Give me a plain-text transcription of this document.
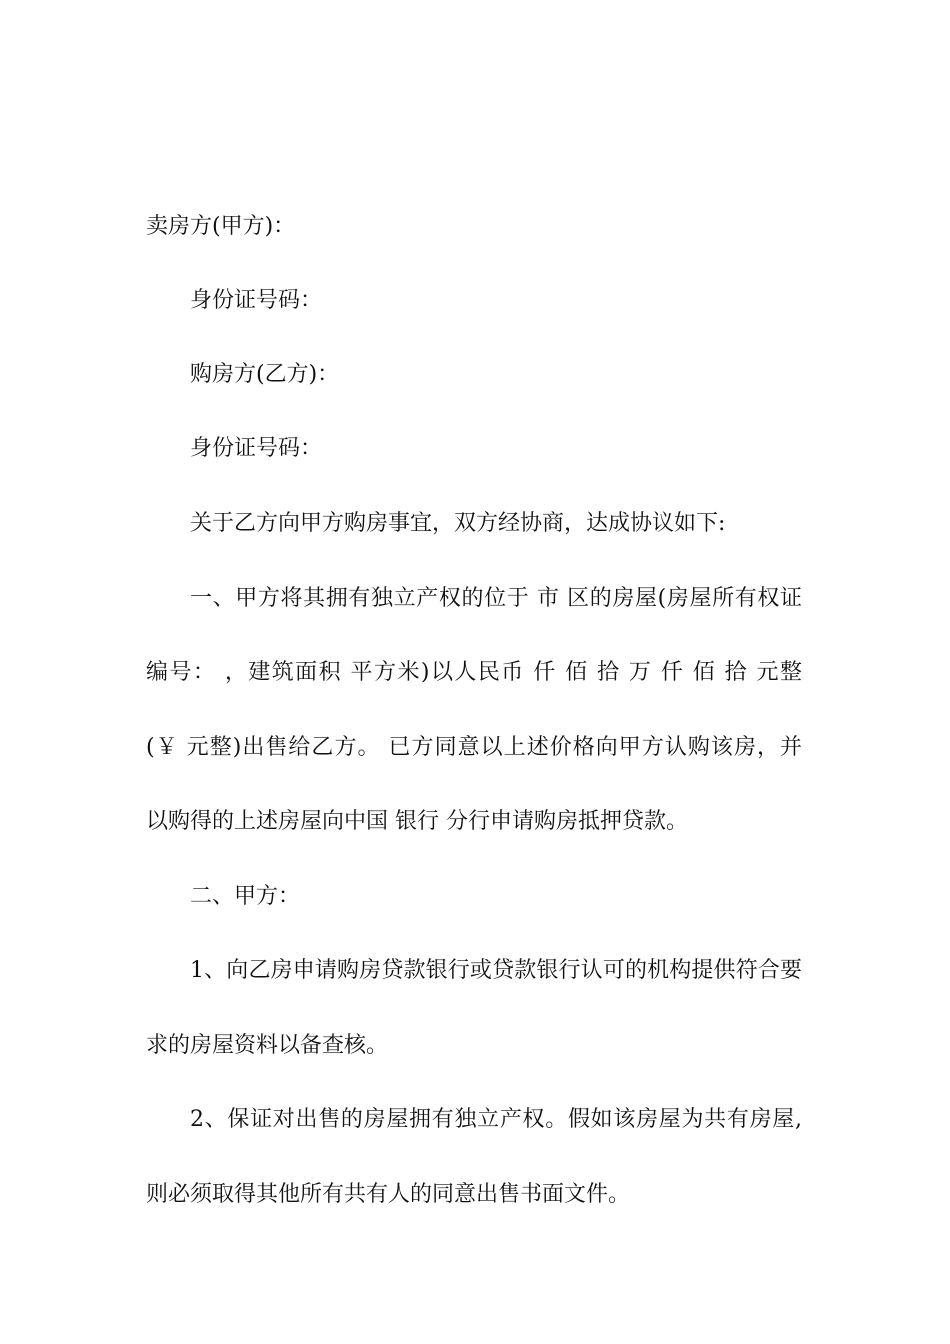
卖房方(甲方)：
身份证号码：
购房方(乙方)：
身份证号码：
关于乙方向甲方购房事宜，双方经协商，达成协议如下:
一、甲方将其拥有独立产权的位于 市 区的房屋(房屋所有权证
编号： ，建筑面积 平方米)以人民币 仟 佰 拾 万 仟 佰 拾 元整
(￥ 元整)出售给乙方。 已方同意以上述价格向甲方认购该房，并
以购得的上述房屋向中国 银行 分行申请购房抵押贷款。
二、甲方：
1、向乙房申请购房贷款银行或贷款银行认可的机构提供符合要
求的房屋资料以备查核。
2、保证对出售的房屋拥有独立产权。假如该房屋为共有房屋,
则必须取得其他所有共有人的同意出售书面文件。
